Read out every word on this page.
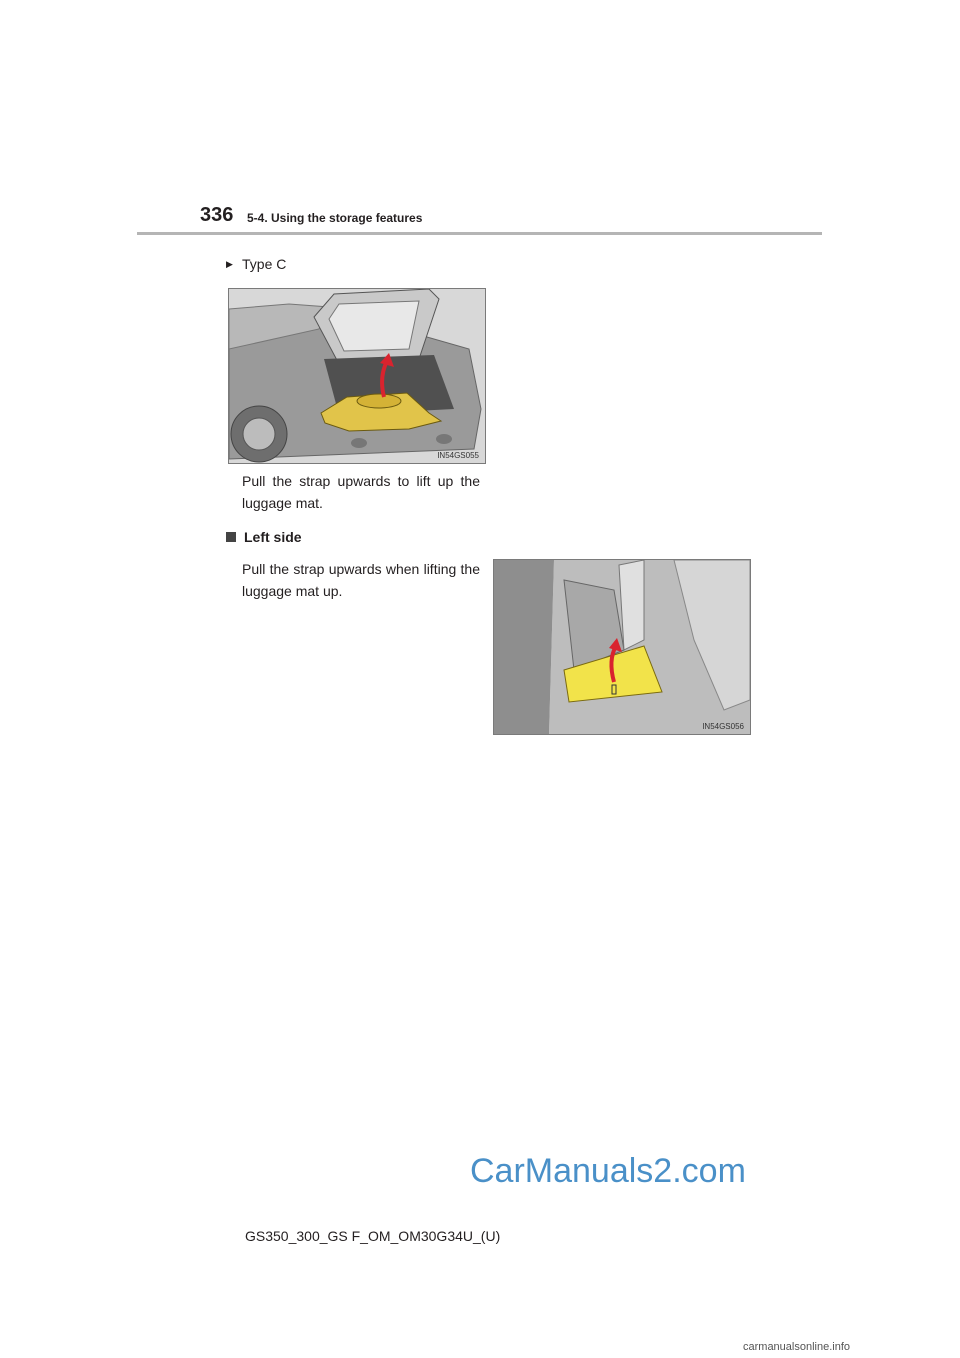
336 5-4. Using the storage features
▶ Type C
IN54GS055
Pull the strap upwards to lift up the luggage mat.
Left side
Pull the strap upwards when lifting the luggage mat up.
IN54GS056
CarManuals2.com
GS350_300_GS F_OM_OM30G34U_(U)
carmanualsonline.info
